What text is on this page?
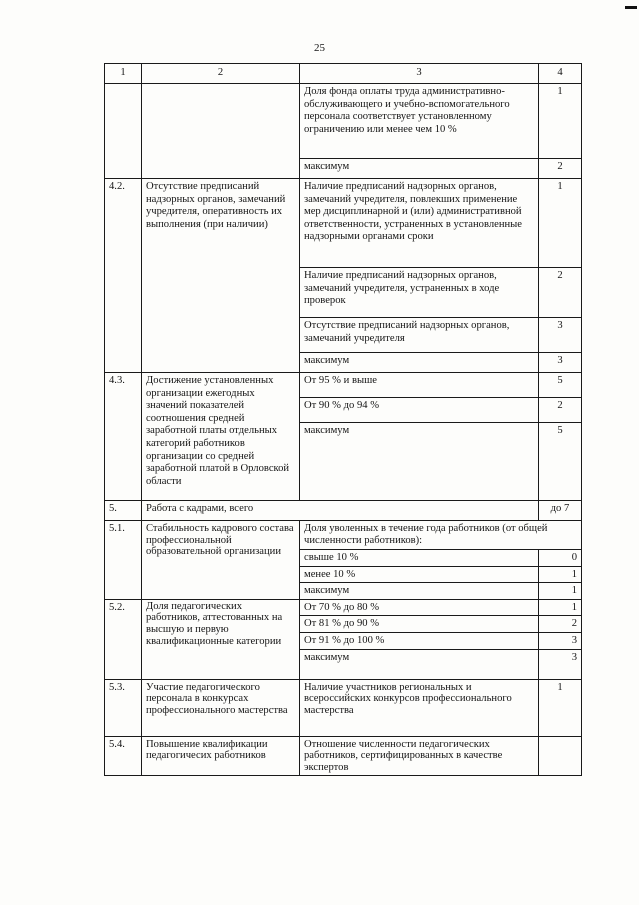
25
1	2	3	4
		Доля фонда оплаты труда административно-обслуживающего и учебно-вспомогательного персонала соответствует установленному ограничению или менее чем 10 %	1
		максимум	2
4.2.	Отсутствие предписаний надзорных органов, замечаний учредителя, оперативность их выполнения (при наличии)	Наличие предписаний надзорных органов, замечаний учредителя, повлекших применение мер дисциплинарной и (или) административной ответственности, устраненных в установленные надзорными органами сроки	1
		Наличие предписаний надзорных органов, замечаний учредителя, устраненных в ходе проверок	2
		Отсутствие предписаний надзорных органов, замечаний учредителя	3
		максимум	3
4.3.	Достижение установленных организации ежегодных значений показателей соотношения средней заработной платы отдельных категорий работников организации со средней заработной платой в Орловской области	От 95 % и выше	5
		От 90 % до 94 %	2
		максимум	5
5.	Работа с кадрами, всего		до 7
5.1.	Стабильность кадрового состава профессиональной образовательной организации	Доля уволенных в течение года работников (от общей численности работников):	
		свыше 10 %	0
		менее 10 %	1
		максимум	1
5.2.	Доля педагогических работников, аттестованных на высшую и первую квалификационные категории	От 70 % до 80 %	1
		От 81 % до 90 %	2
		От 91 % до 100 %	3
		максимум	3
5.3.	Участие педагогического персонала в конкурсах профессионального мастерства	Наличие участников региональных и всероссийских конкурсов профессионального мастерства	1
5.4.	Повышение квалификации педагогичесих работников	Отношение численности педагогических работников, сертифицированных в качестве экспертов	
